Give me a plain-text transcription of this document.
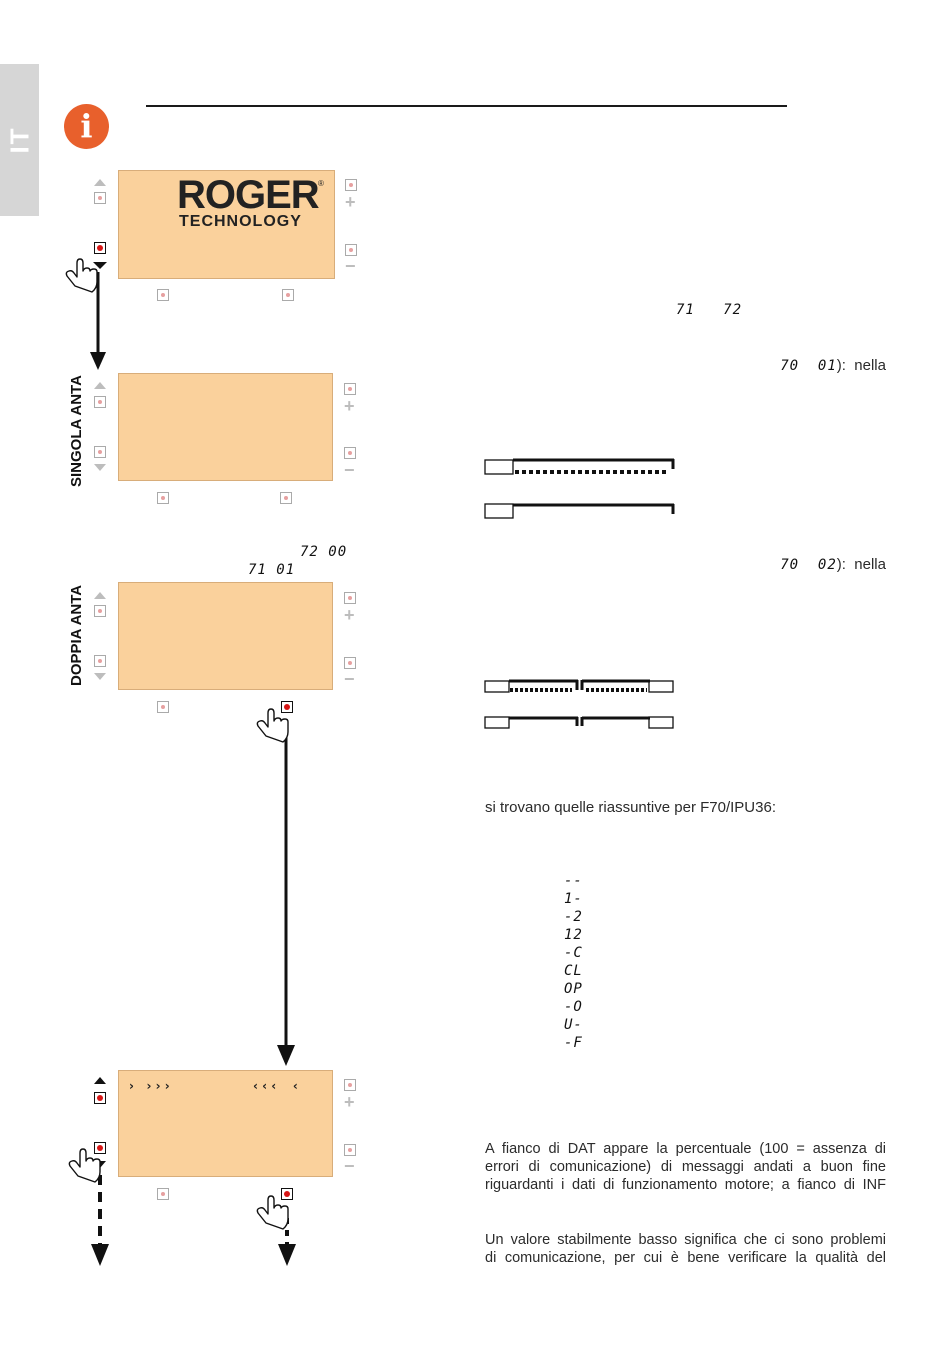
IT	i
ROGER ®
TECHNOLOGY
›   › › ›	‹ ‹ ‹    ‹
+
−
+
−
+
−
+
−
SINGOLA ANTA
DOPPIA ANTA
72 00
71 01
71   72
70  01):  nella
70  02):  nella
si trovano quelle riassuntive per F70/IPU36:
--
1-
-2
12
-C
CL
OP
-O
U-
-F
A fianco di DAT appare la percentuale (100 = assenza di
errori di comunicazione) di messaggi andati a buon fine
riguardanti i dati di funzionamento motore; a fianco di INF
Un valore stabilmente basso significa che ci sono problemi
di comunicazione, per cui è bene verificare la qualità del
